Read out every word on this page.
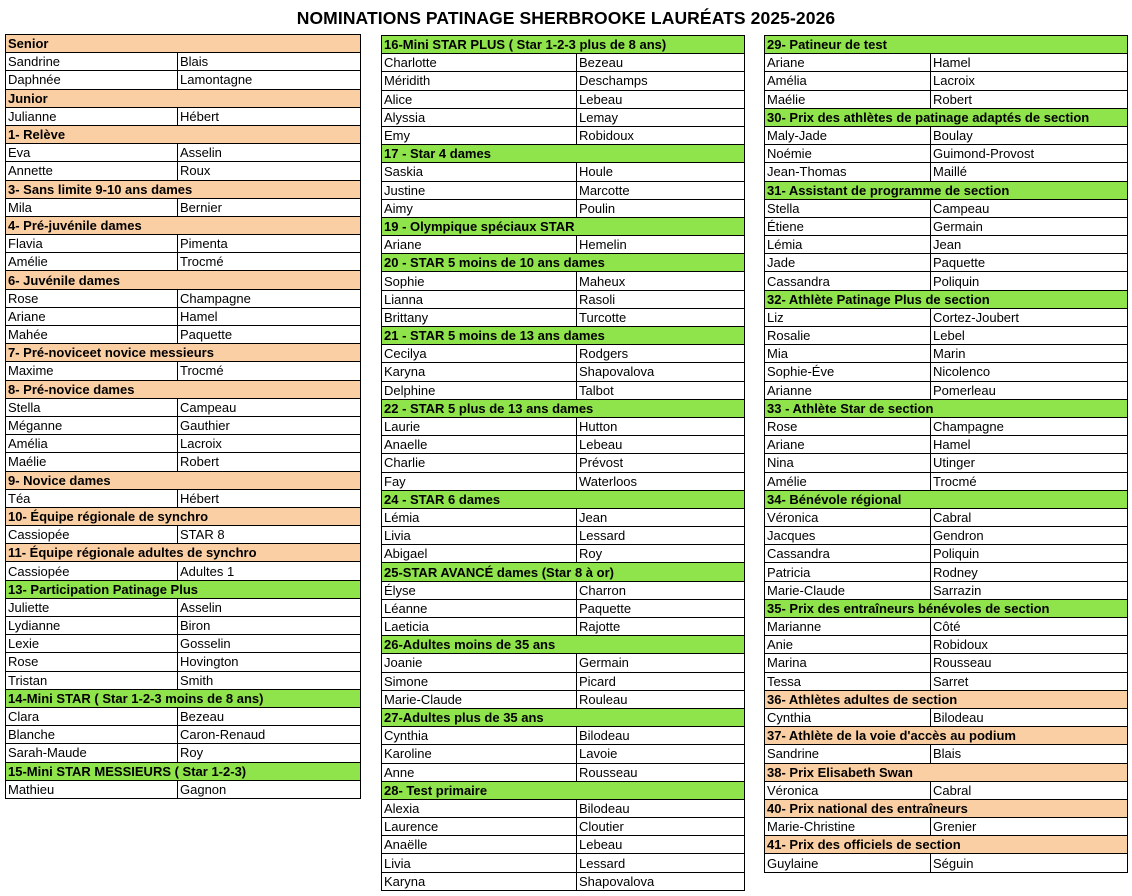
NOMINATIONS PATINAGE SHERBROOKE LAURÉATS 2025-2026
Senior	
Sandrine	Blais
Daphnée	Lamontagne
Junior	
Julianne	Hébert
1- Relève	
Eva	Asselin
Annette	Roux
3- Sans limite 9-10 ans dames	
Mila	Bernier
4- Pré-juvénile dames	
Flavia	Pimenta
Amélie	Trocmé
6- Juvénile dames	
Rose	Champagne
Ariane	Hamel
Mahée	Paquette
7- Pré-noviceet novice messieurs	
Maxime	Trocmé
8- Pré-novice dames	
Stella	Campeau
Méganne	Gauthier
Amélia	Lacroix
Maélie	Robert
9- Novice dames	
Téa	Hébert
10- Équipe régionale de synchro	
Cassiopée	STAR 8
11- Équipe régionale adultes de synchro	
Cassiopée	Adultes 1
13- Participation Patinage Plus	
Juliette	Asselin
Lydianne	Biron
Lexie	Gosselin
Rose	Hovington
Tristan	Smith
14-Mini STAR ( Star 1-2-3 moins de 8 ans)	
Clara	Bezeau
Blanche	Caron-Renaud
Sarah-Maude	Roy
15-Mini STAR MESSIEURS ( Star 1-2-3)	
Mathieu	Gagnon
16-Mini STAR PLUS ( Star 1-2-3 plus de 8 ans)	
Charlotte	Bezeau
Méridith	Deschamps
Alice	Lebeau
Alyssia	Lemay
Emy	Robidoux
17 - Star 4 dames	
Saskia	Houle
Justine	Marcotte
Aimy	Poulin
19 - Olympique spéciaux STAR	
Ariane	Hemelin
20 - STAR 5 moins de 10 ans dames	
Sophie	Maheux
Lianna	Rasoli
Brittany	Turcotte
21 - STAR 5 moins de 13 ans dames	
Cecilya	Rodgers
Karyna	Shapovalova
Delphine	Talbot
22 - STAR 5 plus de 13 ans dames	
Laurie	Hutton
Anaelle	Lebeau
Charlie	Prévost
Fay	Waterloos
24 - STAR 6 dames	
Lémia	Jean
Livia	Lessard
Abigael	Roy
25-STAR AVANCÉ dames (Star 8 à or)	
Élyse	Charron
Léanne	Paquette
Laeticia	Rajotte
26-Adultes moins de 35 ans	
Joanie	Germain
Simone	Picard
Marie-Claude	Rouleau
27-Adultes plus de 35 ans	
Cynthia	Bilodeau
Karoline	Lavoie
Anne	Rousseau
28- Test primaire	
Alexia	Bilodeau
Laurence	Cloutier
Anaëlle	Lebeau
Livia	Lessard
Karyna	Shapovalova
29- Patineur de test	
Ariane	Hamel
Amélia	Lacroix
Maélie	Robert
30- Prix des athlètes de patinage adaptés de section	
Maly-Jade	Boulay
Noémie	Guimond-Provost
Jean-Thomas	Maillé
31- Assistant de programme de section	
Stella	Campeau
Étiene	Germain
Lémia	Jean
Jade	Paquette
Cassandra	Poliquin
32- Athlète Patinage Plus de section	
Liz	Cortez-Joubert
Rosalie	Lebel
Mia	Marin
Sophie-Éve	Nicolenco
Arianne	Pomerleau
33 - Athlète Star de section	
Rose	Champagne
Ariane	Hamel
Nina	Utinger
Amélie	Trocmé
34- Bénévole régional	
Véronica	Cabral
Jacques	Gendron
Cassandra	Poliquin
Patricia	Rodney
Marie-Claude	Sarrazin
35- Prix des entraîneurs bénévoles de section	
Marianne	Côté
Anie	Robidoux
Marina	Rousseau
Tessa	Sarret
36- Athlètes adultes de section	
Cynthia	Bilodeau
37- Athlète de la voie d'accès au podium	
Sandrine	Blais
38- Prix Elisabeth Swan	
Véronica	Cabral
40- Prix national des entraîneurs	
Marie-Christine	Grenier
41- Prix des officiels de section	
Guylaine	Séguin
